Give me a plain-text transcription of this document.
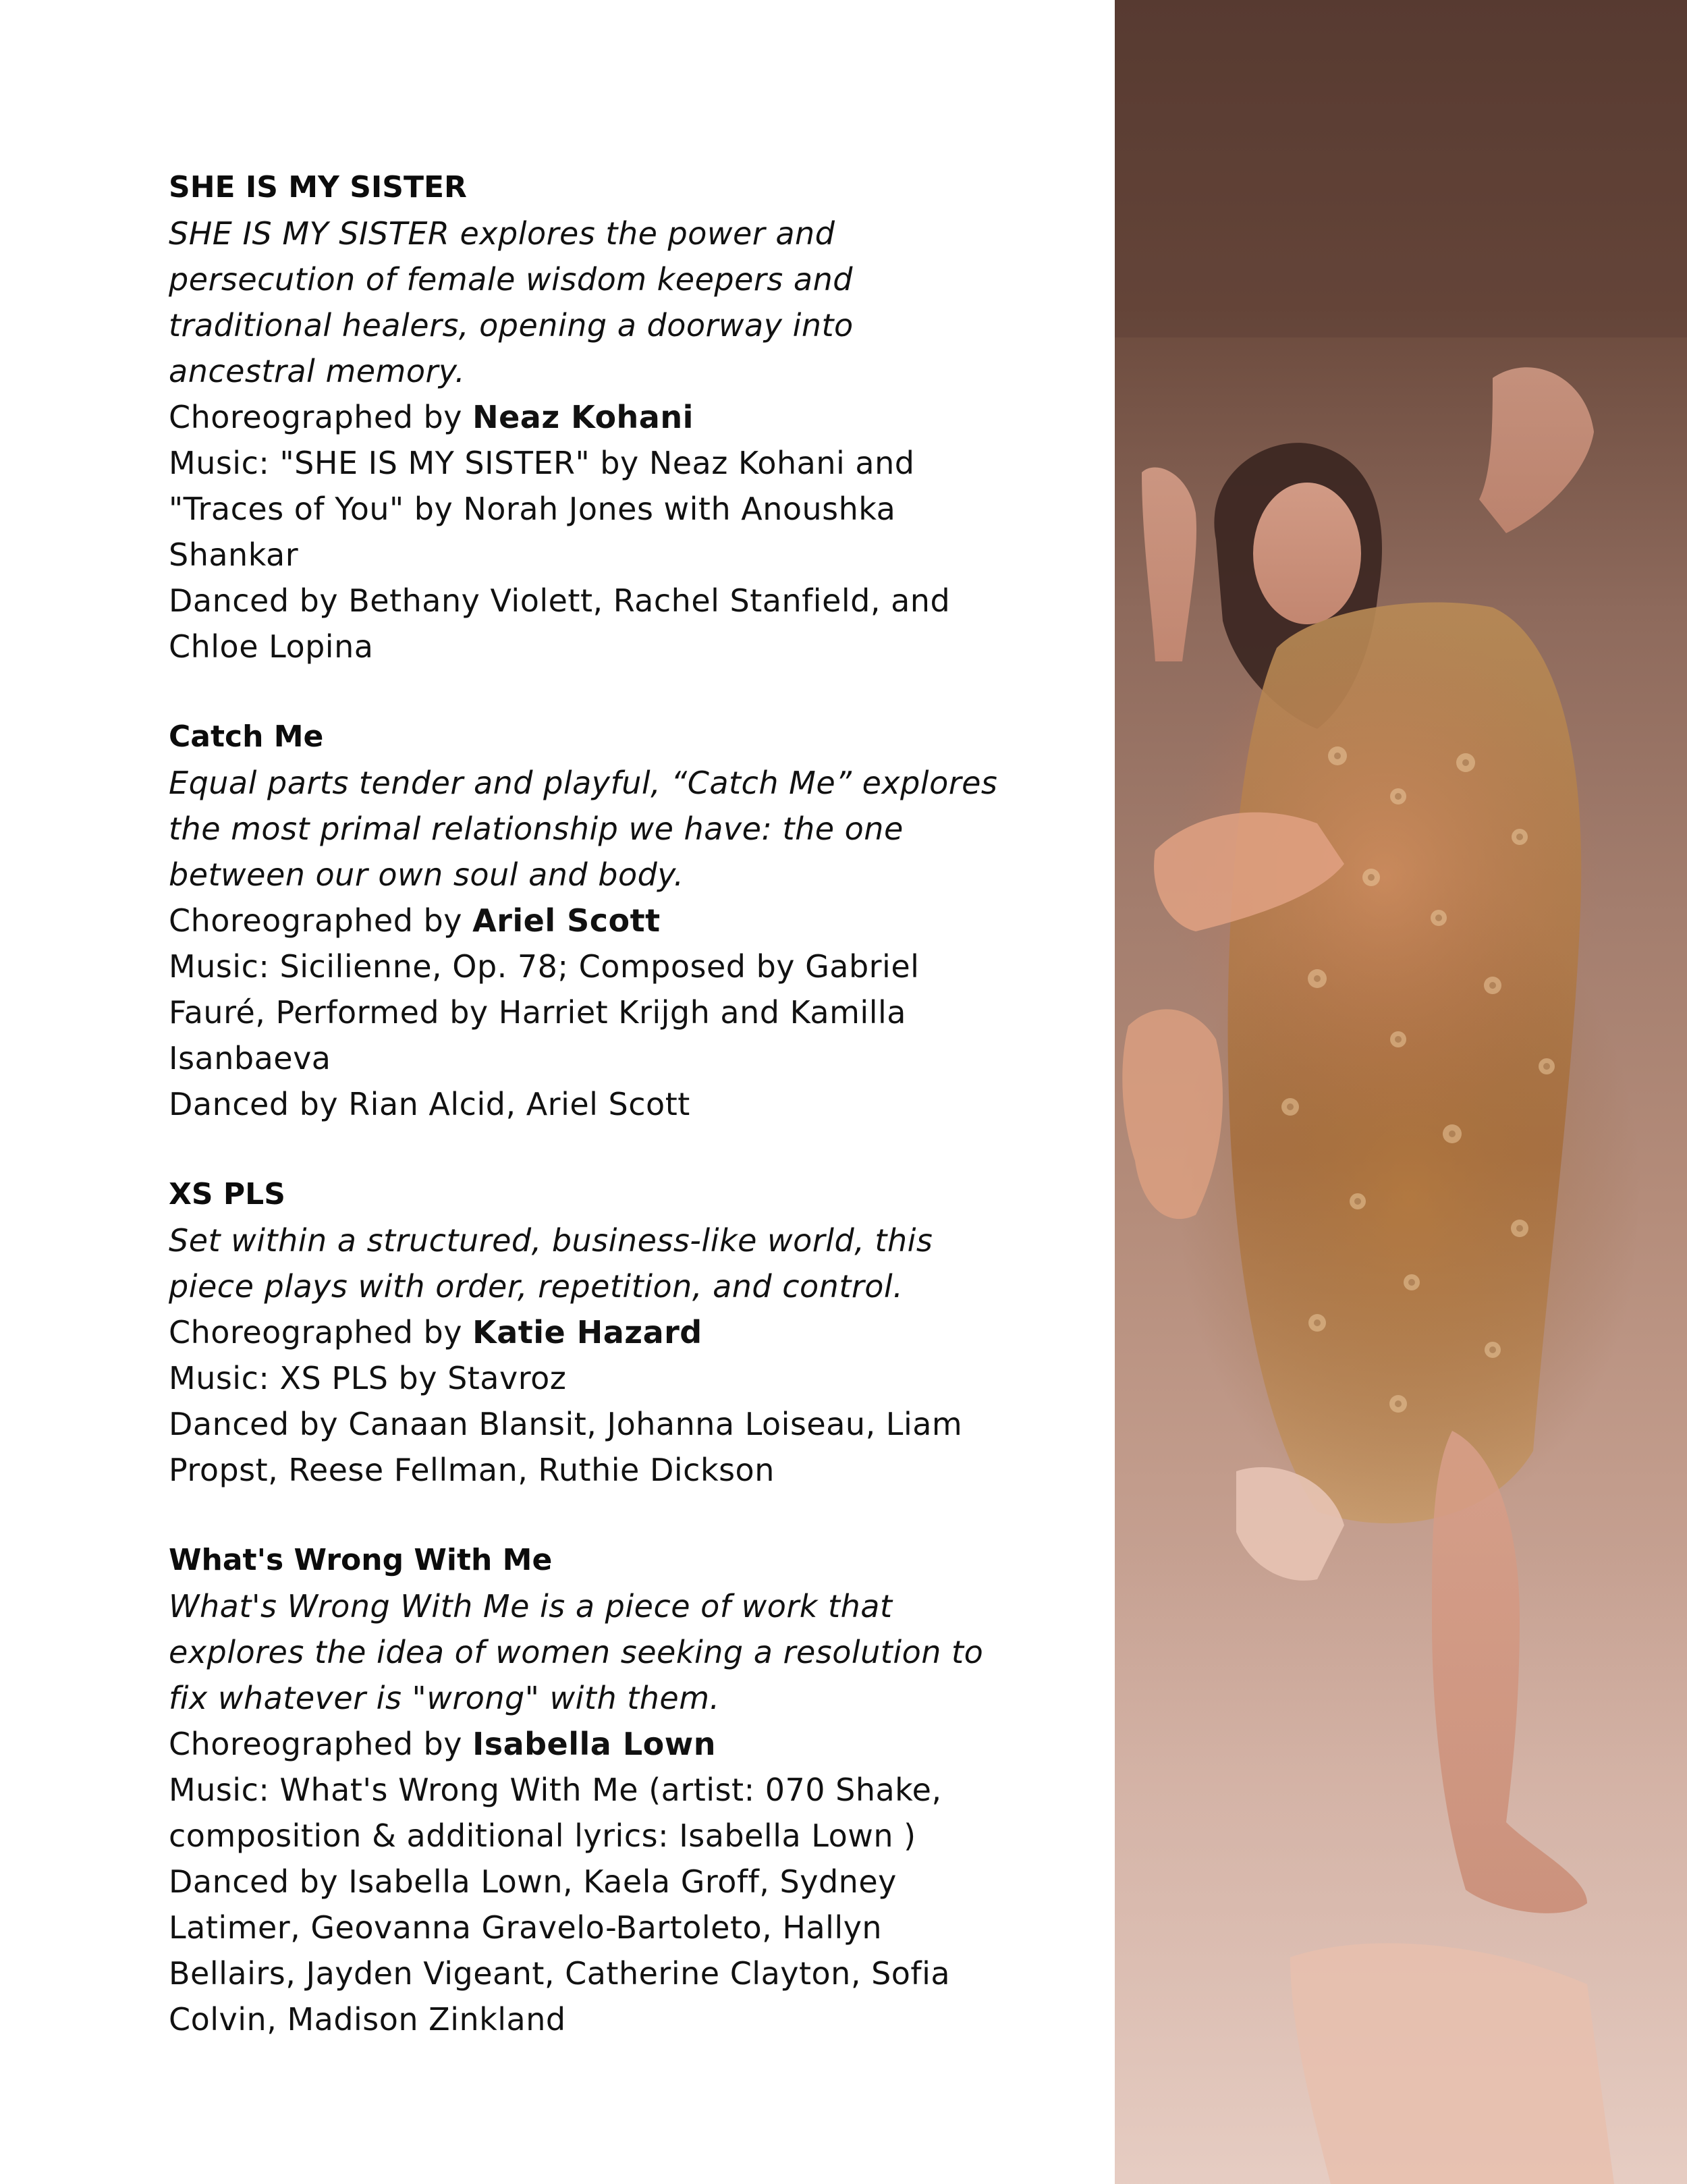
SHE IS MY SISTER
SHE IS MY SISTER explores the power and
persecution of female wisdom keepers and
traditional healers, opening a doorway into
ancestral memory.
Choreographed by Neaz Kohani
Music: "SHE IS MY SISTER" by Neaz Kohani and
"Traces of You" by Norah Jones with Anoushka
Shankar
Danced by Bethany Violett, Rachel Stanfield, and
Chloe Lopina
Catch Me
Equal parts tender and playful, “Catch Me” explores
the most primal relationship we have: the one
between our own soul and body.
Choreographed by Ariel Scott
Music: Sicilienne, Op. 78; Composed by Gabriel
Fauré, Performed by Harriet Krijgh and Kamilla
Isanbaeva
Danced by Rian Alcid, Ariel Scott
XS PLS
Set within a structured, business-like world, this
piece plays with order, repetition, and control.
Choreographed by Katie Hazard
Music: XS PLS by Stavroz
Danced by Canaan Blansit, Johanna Loiseau, Liam
Propst, Reese Fellman, Ruthie Dickson
What's Wrong With Me
What's Wrong With Me is a piece of work that
explores the idea of women seeking a resolution to
fix whatever is "wrong" with them.
Choreographed by Isabella Lown
Music: What's Wrong With Me (artist: 070 Shake,
composition & additional lyrics: Isabella Lown )
Danced by Isabella Lown, Kaela Groff, Sydney
Latimer, Geovanna Gravelo-Bartoleto, Hallyn
Bellairs, Jayden Vigeant, Catherine Clayton, Sofia
Colvin, Madison Zinkland
